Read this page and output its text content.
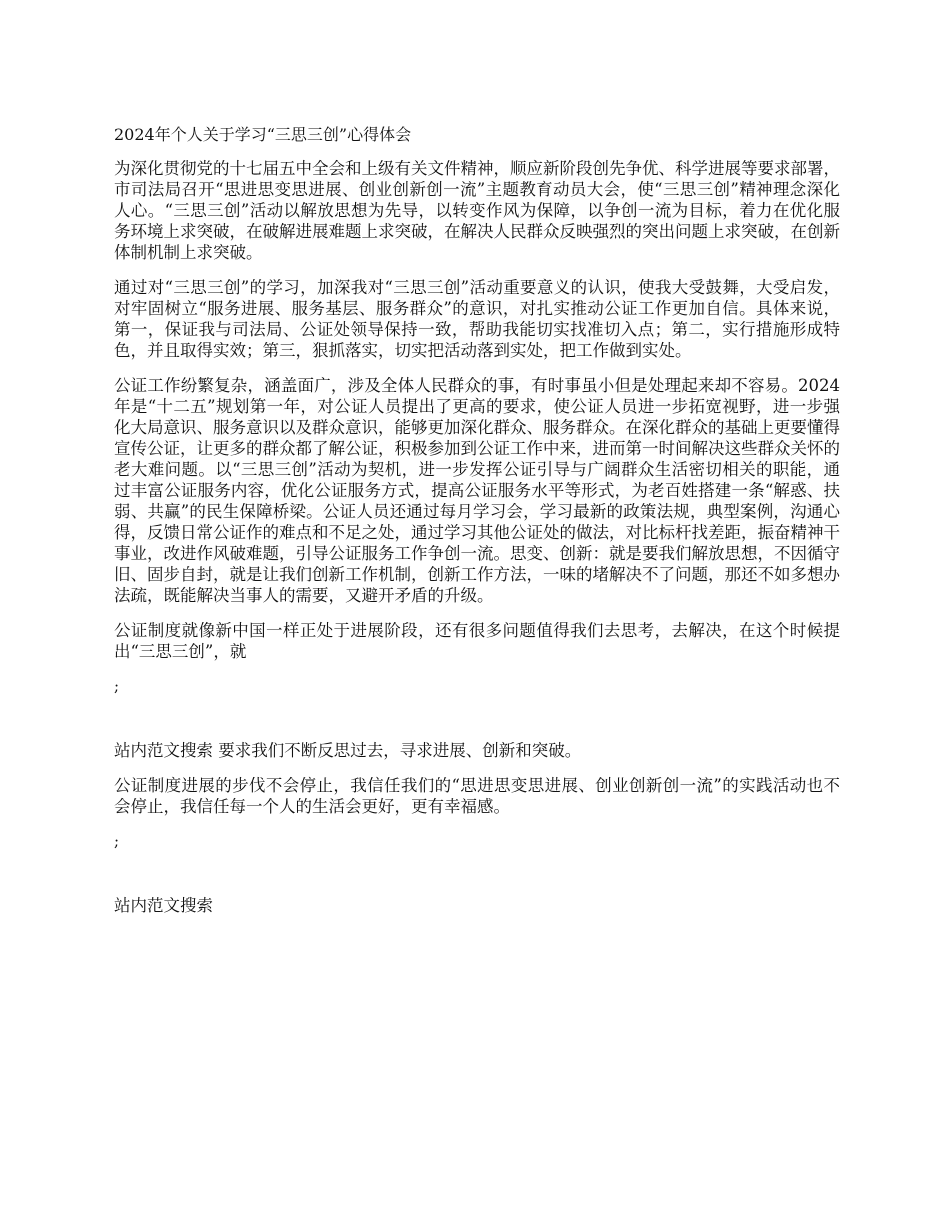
2024年个人关于学习“三思三创”心得体会

为深化贯彻党的十七届五中全会和上级有关文件精神，顺应新阶段创先争优、科学进展等要求部署，市司法局召开“思进思变思进展、创业创新创一流”主题教育动员大会，使“三思三创”精神理念深化人心。“三思三创”活动以解放思想为先导，以转变作风为保障，以争创一流为目标，着力在优化服务环境上求突破，在破解进展难题上求突破，在解决人民群众反映强烈的突出问题上求突破，在创新体制机制上求突破。

通过对“三思三创”的学习，加深我对“三思三创”活动重要意义的认识，使我大受鼓舞，大受启发，对牢固树立“服务进展、服务基层、服务群众”的意识，对扎实推动公证工作更加自信。具体来说，第一，保证我与司法局、公证处领导保持一致，帮助我能切实找准切入点；第二，实行措施形成特色，并且取得实效；第三，狠抓落实，切实把活动落到实处，把工作做到实处。

公证工作纷繁复杂，涵盖面广，涉及全体人民群众的事，有时事虽小但是处理起来却不容易。2024年是“十二五”规划第一年，对公证人员提出了更高的要求，使公证人员进一步拓宽视野，进一步强化大局意识、服务意识以及群众意识，能够更加深化群众、服务群众。在深化群众的基础上更要懂得宣传公证，让更多的群众都了解公证，积极参加到公证工作中来，进而第一时间解决这些群众关怀的老大难问题。以“三思三创”活动为契机，进一步发挥公证引导与广阔群众生活密切相关的职能，通过丰富公证服务内容，优化公证服务方式，提高公证服务水平等形式，为老百姓搭建一条“解惑、扶弱、共赢”的民生保障桥梁。公证人员还通过每月学习会，学习最新的政策法规，典型案例，沟通心得，反馈日常公证作的难点和不足之处，通过学习其他公证处的做法，对比标杆找差距，振奋精神干事业，改进作风破难题，引导公证服务工作争创一流。思变、创新：就是要我们解放思想，不因循守旧、固步自封，就是让我们创新工作机制，创新工作方法，一味的堵解决不了问题，那还不如多想办法疏，既能解决当事人的需要，又避开矛盾的升级。

公证制度就像新中国一样正处于进展阶段，还有很多问题值得我们去思考，去解决，在这个时候提出“三思三创”，就

;

站内范文搜索 要求我们不断反思过去，寻求进展、创新和突破。

公证制度进展的步伐不会停止，我信任我们的“思进思变思进展、创业创新创一流”的实践活动也不会停止，我信任每一个人的生活会更好，更有幸福感。

;

站内范文搜索
